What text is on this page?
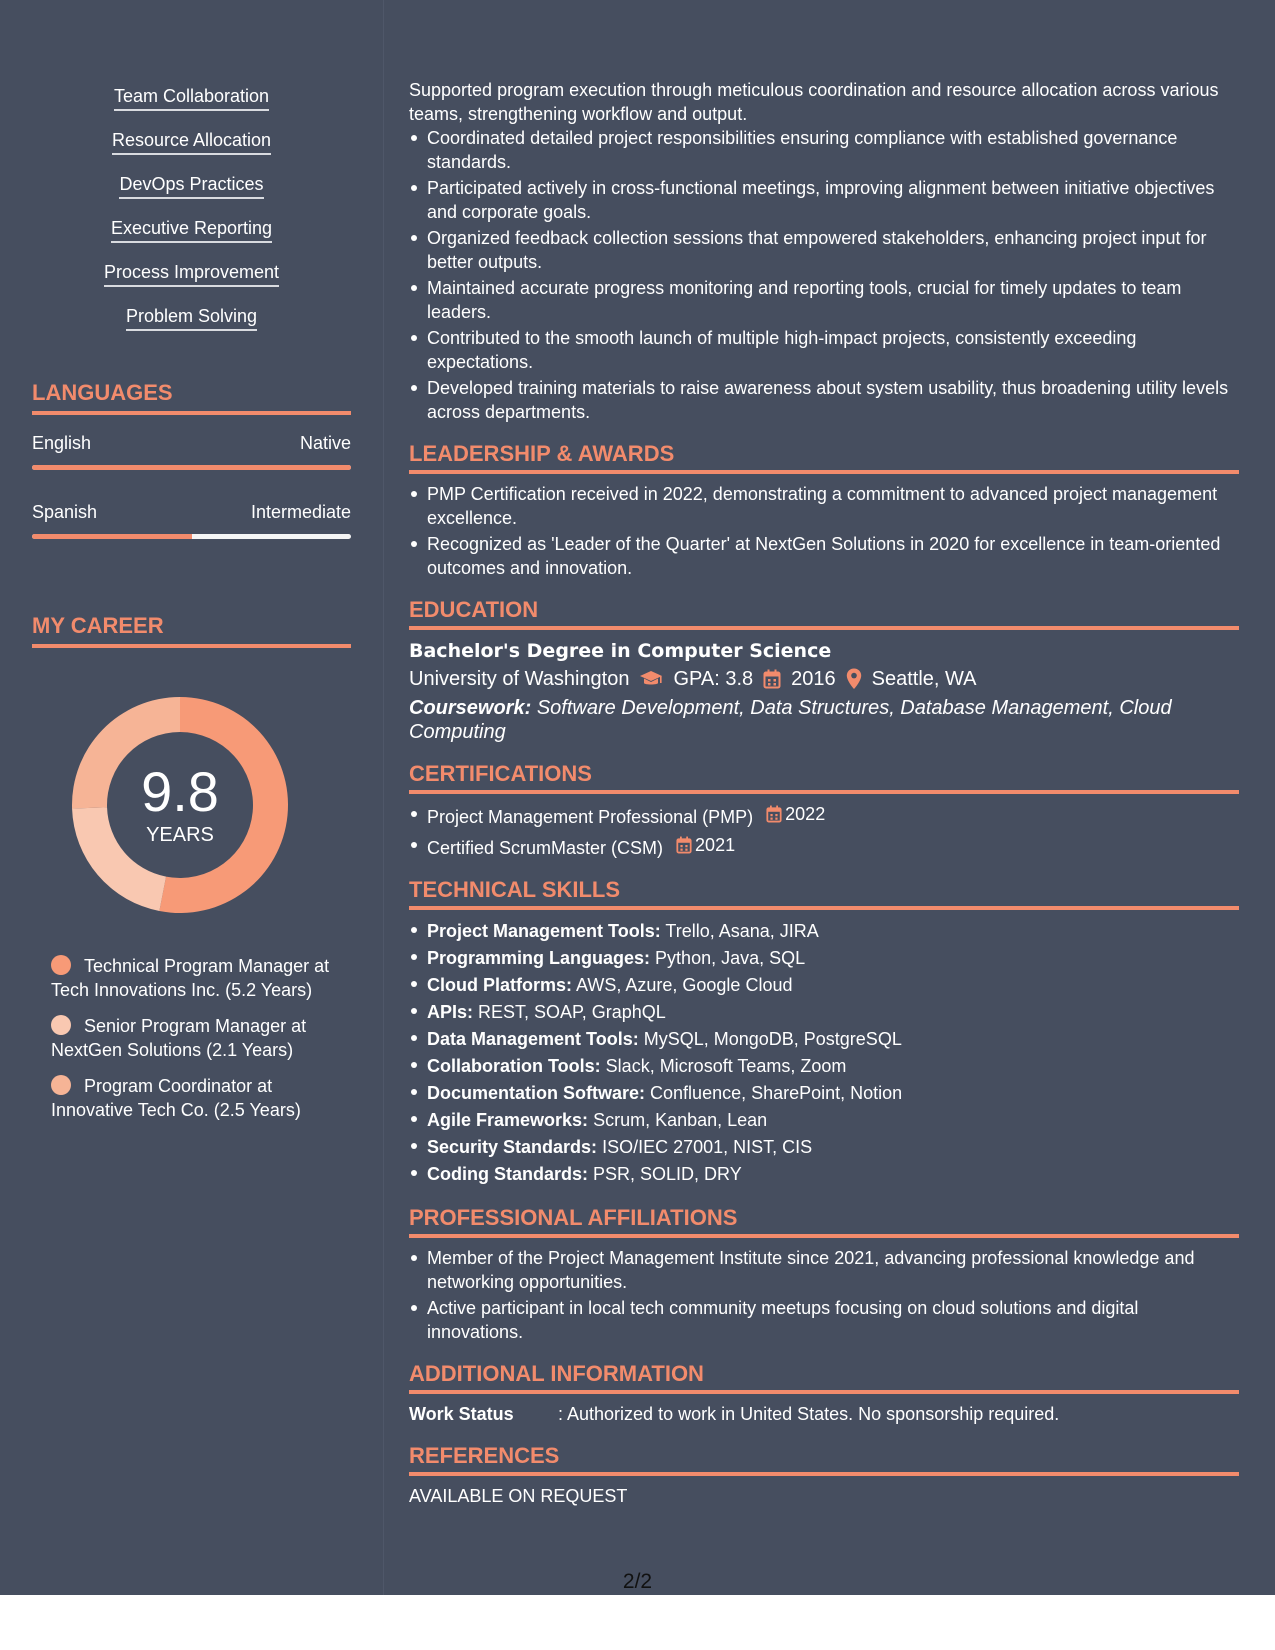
Team Collaboration
Resource Allocation
DevOps Practices
Executive Reporting
Process Improvement
Problem Solving
LANGUAGES
English	Native
Spanish	Intermediate
MY CAREER
9.8
YEARS
Technical Program Manager at Tech Innovations Inc. (5.2 Years)
Senior Program Manager at NextGen Solutions (2.1 Years)
Program Coordinator at Innovative Tech Co. (2.5 Years)

Supported program execution through meticulous coordination and resource allocation across various teams, strengthening workflow and output.

Coordinated detailed project responsibilities ensuring compliance with established governance standards.
Participated actively in cross-functional meetings, improving alignment between initiative objectives and corporate goals.
Organized feedback collection sessions that empowered stakeholders, enhancing project input for better outputs.
Maintained accurate progress monitoring and reporting tools, crucial for timely updates to team leaders.
Contributed to the smooth launch of multiple high-impact projects, consistently exceeding expectations.
Developed training materials to raise awareness about system usability, thus broadening utility levels across departments.
LEADERSHIP & AWARDS
PMP Certification received in 2022, demonstrating a commitment to advanced project management excellence.
Recognized as 'Leader of the Quarter' at NextGen Solutions in 2020 for excellence in team-oriented outcomes and innovation.
EDUCATION
Bachelor's Degree in Computer Science
University of Washington GPA: 3.8 2016 Seattle, WA
Coursework: Software Development, Data Structures, Database Management, Cloud Computing
CERTIFICATIONS
Project Management Professional (PMP) 2022
Certified ScrumMaster (CSM) 2021
TECHNICAL SKILLS
Project Management Tools: Trello, Asana, JIRA
Programming Languages: Python, Java, SQL
Cloud Platforms: AWS, Azure, Google Cloud
APIs: REST, SOAP, GraphQL
Data Management Tools: MySQL, MongoDB, PostgreSQL
Collaboration Tools: Slack, Microsoft Teams, Zoom
Documentation Software: Confluence, SharePoint, Notion
Agile Frameworks: Scrum, Kanban, Lean
Security Standards: ISO/IEC 27001, NIST, CIS
Coding Standards: PSR, SOLID, DRY
PROFESSIONAL AFFILIATIONS
Member of the Project Management Institute since 2021, advancing professional knowledge and networking opportunities.
Active participant in local tech community meetups focusing on cloud solutions and digital innovations.
ADDITIONAL INFORMATION
Work Status	: Authorized to work in United States. No sponsorship required.
REFERENCES
AVAILABLE ON REQUEST
2/2
